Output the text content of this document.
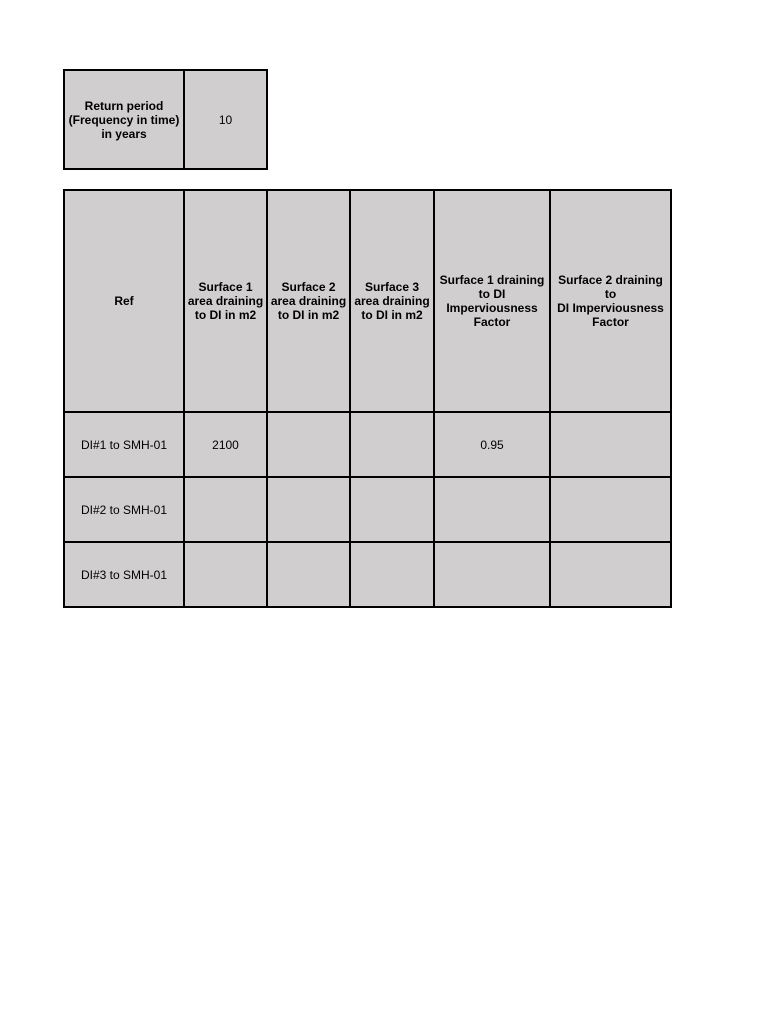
Return period
(Frequency in time)
in years	10
Ref	Surface 1
area draining
to DI in m2	Surface 2
area draining
to DI in m2	Surface 3
area draining
to DI in m2	Surface 1 draining
to DI
Imperviousness
Factor	Surface 2 draining to
DI Imperviousness
Factor
DI#1 to SMH-01	2100			0.95	
DI#2 to SMH-01					
DI#3 to SMH-01					
